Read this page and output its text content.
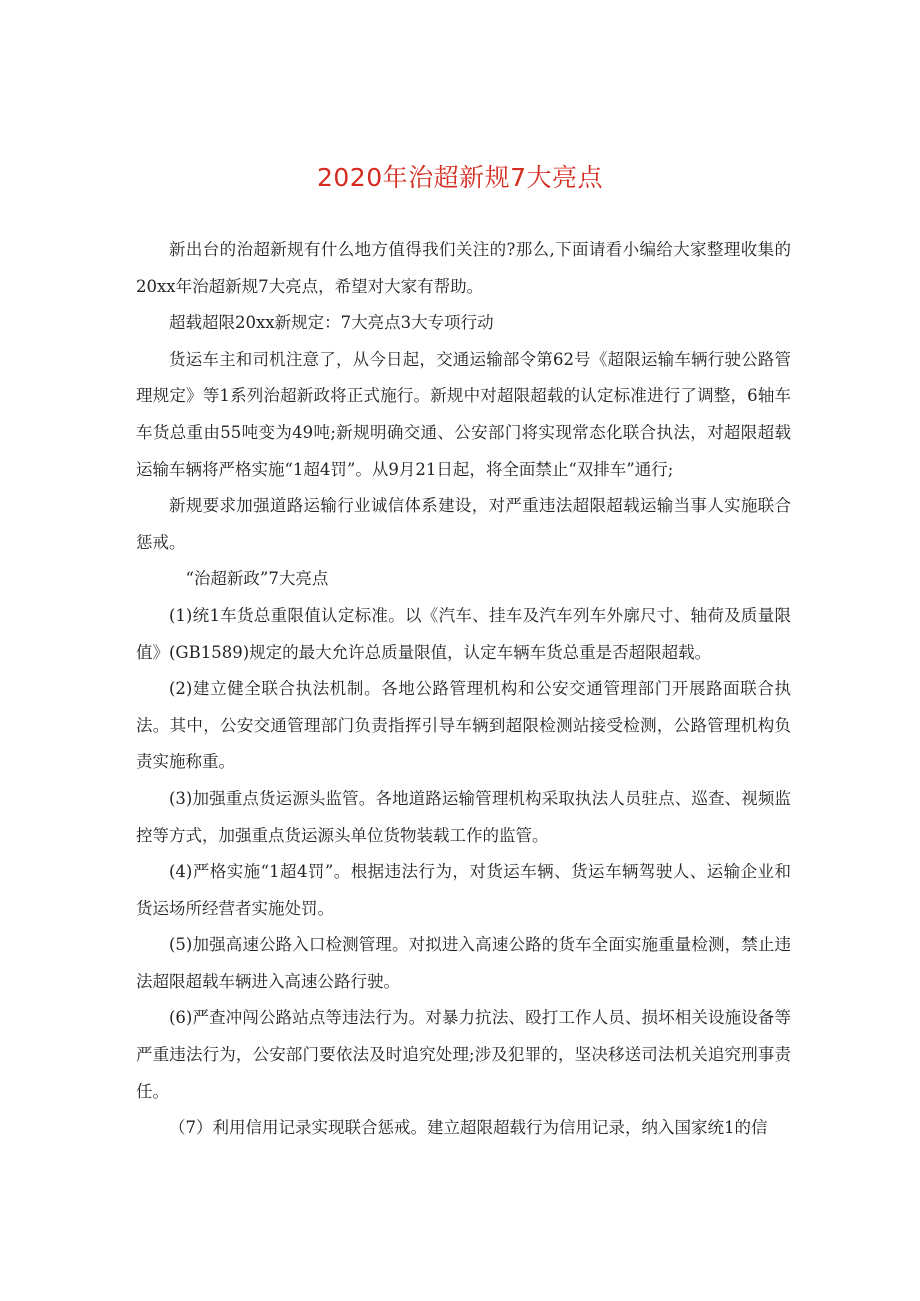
2020年治超新规7大亮点

新出台的治超新规有什么地方值得我们关注的?那么,下面请看小编给大家整理收集的20xx年治超新规7大亮点，希望对大家有帮助。

超载超限20xx新规定：7大亮点3大专项行动

货运车主和司机注意了，从今日起，交通运输部令第62号《超限运输车辆行驶公路管理规定》等1系列治超新政将正式施行。新规中对超限超载的认定标准进行了调整，6轴车车货总重由55吨变为49吨;新规明确交通、公安部门将实现常态化联合执法，对超限超载运输车辆将严格实施“1超4罚”。从9月21日起，将全面禁止“双排车”通行;

新规要求加强道路运输行业诚信体系建设，对严重违法超限超载运输当事人实施联合惩戒。

“治超新政”7大亮点

(1)统1车货总重限值认定标准。以《汽车、挂车及汽车列车外廓尺寸、轴荷及质量限值》(GB1589)规定的最大允许总质量限值，认定车辆车货总重是否超限超载。

(2)建立健全联合执法机制。各地公路管理机构和公安交通管理部门开展路面联合执法。其中，公安交通管理部门负责指挥引导车辆到超限检测站接受检测，公路管理机构负责实施称重。

(3)加强重点货运源头监管。各地道路运输管理机构采取执法人员驻点、巡查、视频监控等方式，加强重点货运源头单位货物装载工作的监管。

(4)严格实施“1超4罚”。根据违法行为，对货运车辆、货运车辆驾驶人、运输企业和货运场所经营者实施处罚。

(5)加强高速公路入口检测管理。对拟进入高速公路的货车全面实施重量检测，禁止违法超限超载车辆进入高速公路行驶。

(6)严查冲闯公路站点等违法行为。对暴力抗法、殴打工作人员、损坏相关设施设备等严重违法行为，公安部门要依法及时追究处理;涉及犯罪的，坚决移送司法机关追究刑事责任。

（7）利用信用记录实现联合惩戒。建立超限超载行为信用记录，纳入国家统1的信
